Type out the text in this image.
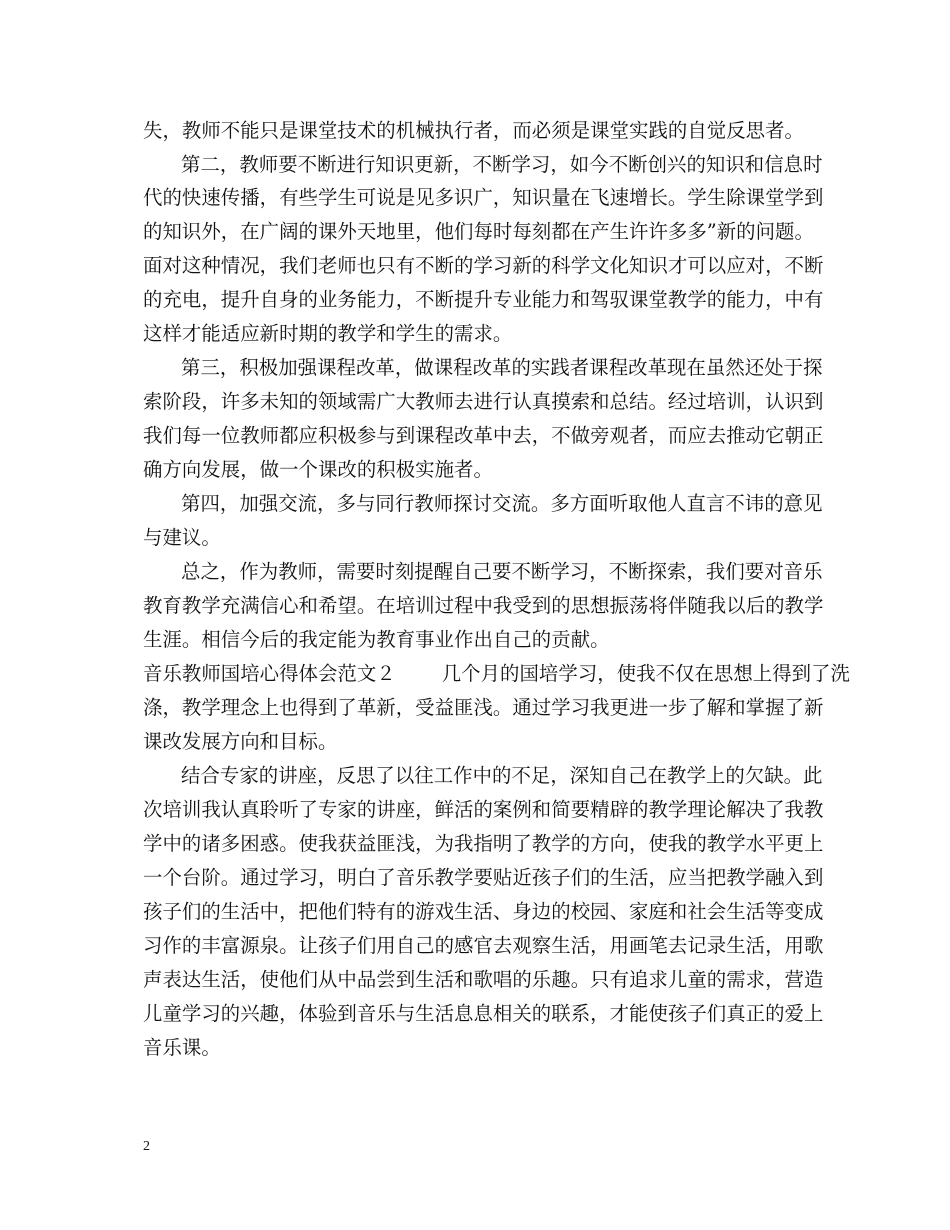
失，教师不能只是课堂技术的机械执行者，而必须是课堂实践的自觉反思者。
第二，教师要不断进行知识更新，不断学习，如今不断创兴的知识和信息时
代的快速传播，有些学生可说是见多识广，知识量在飞速增长。学生除课堂学到
的知识外，在广阔的课外天地里，他们每时每刻都在产生许许多多”新的问题。
面对这种情况，我们老师也只有不断的学习新的科学文化知识才可以应对，不断
的充电，提升自身的业务能力，不断提升专业能力和驾驭课堂教学的能力，中有
这样才能适应新时期的教学和学生的需求。
第三，积极加强课程改革，做课程改革的实践者课程改革现在虽然还处于探
索阶段，许多未知的领域需广大教师去进行认真摸索和总结。经过培训，认识到
我们每一位教师都应积极参与到课程改革中去，不做旁观者，而应去推动它朝正
确方向发展，做一个课改的积极实施者。
第四，加强交流，多与同行教师探讨交流。多方面听取他人直言不讳的意见
与建议。
总之，作为教师，需要时刻提醒自己要不断学习，不断探索，我们要对音乐
教育教学充满信心和希望。在培训过程中我受到的思想振荡将伴随我以后的教学
生涯。相信今后的我定能为教育事业作出自己的贡献。
音乐教师国培心得体会范文２ 几个月的国培学习，使我不仅在思想上得到了洗
涤，教学理念上也得到了革新，受益匪浅。通过学习我更进一步了解和掌握了新
课改发展方向和目标。
结合专家的讲座，反思了以往工作中的不足，深知自己在教学上的欠缺。此
次培训我认真聆听了专家的讲座，鲜活的案例和简要精辟的教学理论解决了我教
学中的诸多困惑。使我获益匪浅，为我指明了教学的方向，使我的教学水平更上
一个台阶。通过学习，明白了音乐教学要贴近孩子们的生活，应当把教学融入到
孩子们的生活中，把他们特有的游戏生活、身边的校园、家庭和社会生活等变成
习作的丰富源泉。让孩子们用自己的感官去观察生活，用画笔去记录生活，用歌
声表达生活，使他们从中品尝到生活和歌唱的乐趣。只有追求儿童的需求，营造
儿童学习的兴趣，体验到音乐与生活息息相关的联系，才能使孩子们真正的爱上
音乐课。
2
